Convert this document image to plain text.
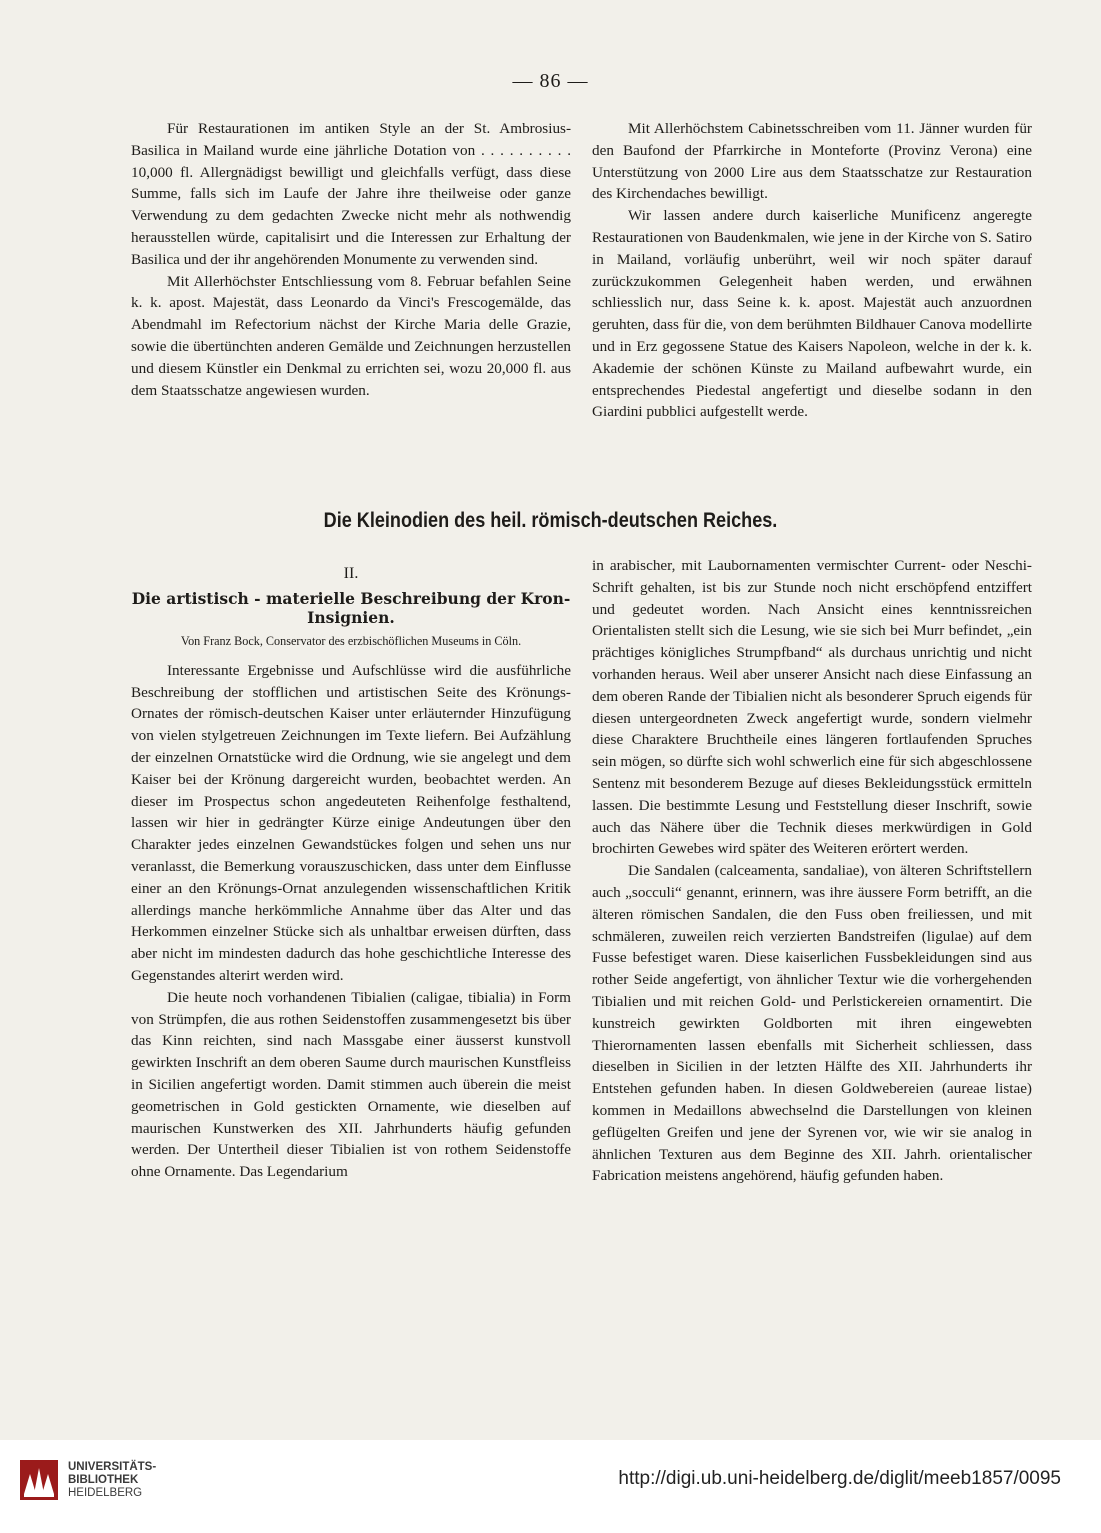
— 86 —

Für Restaurationen im antiken Style an der St. Ambrosius-Basilica in Mailand wurde eine jährliche Dotation von . . . . . . . . . . 10,000 fl. Allergnädigst bewilligt und gleichfalls verfügt, dass diese Summe, falls sich im Laufe der Jahre ihre theilweise oder ganze Verwendung zu dem gedachten Zwecke nicht mehr als nothwendig herausstellen würde, capitalisirt und die Interessen zur Erhaltung der Basilica und der ihr angehörenden Monumente zu verwenden sind.

Mit Allerhöchster Entschliessung vom 8. Februar befahlen Seine k. k. apost. Majestät, dass Leonardo da Vinci's Frescogemälde, das Abendmahl im Refectorium nächst der Kirche Maria delle Grazie, sowie die übertünchten anderen Gemälde und Zeichnungen herzustellen und diesem Künstler ein Denkmal zu errichten sei, wozu 20,000 fl. aus dem Staatsschatze angewiesen wurden.

Mit Allerhöchstem Cabinetsschreiben vom 11. Jänner wurden für den Baufond der Pfarrkirche in Monteforte (Provinz Verona) eine Unterstützung von 2000 Lire aus dem Staatsschatze zur Restauration des Kirchendaches bewilligt.

Wir lassen andere durch kaiserliche Munificenz angeregte Restaurationen von Baudenkmalen, wie jene in der Kirche von S. Satiro in Mailand, vorläufig unberührt, weil wir noch später darauf zurückzukommen Gelegenheit haben werden, und erwähnen schliesslich nur, dass Seine k. k. apost. Majestät auch anzuordnen geruhten, dass für die, von dem berühmten Bildhauer Canova modellirte und in Erz gegossene Statue des Kaisers Napoleon, welche in der k. k. Akademie der schönen Künste zu Mailand aufbewahrt wurde, ein entsprechendes Piedestal angefertigt und dieselbe sodann in den Giardini pubblici aufgestellt werde.

Die Kleinodien des heil. römisch-deutschen Reiches.
II.
Die artistisch - materielle Beschreibung der Kron-Insignien.
Von Franz Bock, Conservator des erzbischöflichen Museums in Cöln.

Interessante Ergebnisse und Aufschlüsse wird die ausführliche Beschreibung der stofflichen und artistischen Seite des Krönungs-Ornates der römisch-deutschen Kaiser unter erläuternder Hinzufügung von vielen stylgetreuen Zeichnungen im Texte liefern. Bei Aufzählung der einzelnen Ornatstücke wird die Ordnung, wie sie angelegt und dem Kaiser bei der Krönung dargereicht wurden, beobachtet werden. An dieser im Prospectus schon angedeuteten Reihenfolge festhaltend, lassen wir hier in gedrängter Kürze einige Andeutungen über den Charakter jedes einzelnen Gewandstückes folgen und sehen uns nur veranlasst, die Bemerkung vorauszuschicken, dass unter dem Einflusse einer an den Krönungs-Ornat anzulegenden wissenschaftlichen Kritik allerdings manche herkömmliche Annahme über das Alter und das Herkommen einzelner Stücke sich als unhaltbar erweisen dürften, dass aber nicht im mindesten dadurch das hohe geschichtliche Interesse des Gegenstandes alterirt werden wird.

Die heute noch vorhandenen Tibialien (caligae, tibialia) in Form von Strümpfen, die aus rothen Seidenstoffen zusammengesetzt bis über das Kinn reichten, sind nach Massgabe einer äusserst kunstvoll gewirkten Inschrift an dem oberen Saume durch maurischen Kunstfleiss in Sicilien angefertigt worden. Damit stimmen auch überein die meist geometrischen in Gold gestickten Ornamente, wie dieselben auf maurischen Kunstwerken des XII. Jahrhunderts häufig gefunden werden. Der Untertheil dieser Tibialien ist von rothem Seidenstoffe ohne Ornamente. Das Legendarium

in arabischer, mit Laubornamenten vermischter Current- oder Neschi-Schrift gehalten, ist bis zur Stunde noch nicht erschöpfend entziffert und gedeutet worden. Nach Ansicht eines kenntnissreichen Orientalisten stellt sich die Lesung, wie sie sich bei Murr befindet, „ein prächtiges königliches Strumpfband“ als durchaus unrichtig und nicht vorhanden heraus. Weil aber unserer Ansicht nach diese Einfassung an dem oberen Rande der Tibialien nicht als besonderer Spruch eigends für diesen untergeordneten Zweck angefertigt wurde, sondern vielmehr diese Charaktere Bruchtheile eines längeren fortlaufenden Spruches sein mögen, so dürfte sich wohl schwerlich eine für sich abgeschlossene Sentenz mit besonderem Bezuge auf dieses Bekleidungsstück ermitteln lassen. Die bestimmte Lesung und Feststellung dieser Inschrift, sowie auch das Nähere über die Technik dieses merkwürdigen in Gold brochirten Gewebes wird später des Weiteren erörtert werden.

Die Sandalen (calceamenta, sandaliae), von älteren Schriftstellern auch „socculi“ genannt, erinnern, was ihre äussere Form betrifft, an die älteren römischen Sandalen, die den Fuss oben freiliessen, und mit schmäleren, zuweilen reich verzierten Bandstreifen (ligulae) auf dem Fusse befestiget waren. Diese kaiserlichen Fussbekleidungen sind aus rother Seide angefertigt, von ähnlicher Textur wie die vorhergehenden Tibialien und mit reichen Gold- und Perlstickereien ornamentirt. Die kunstreich gewirkten Goldborten mit ihren eingewebten Thierornamenten lassen ebenfalls mit Sicherheit schliessen, dass dieselben in Sicilien in der letzten Hälfte des XII. Jahrhunderts ihr Entstehen gefunden haben. In diesen Goldwebereien (aureae listae) kommen in Medaillons abwechselnd die Darstellungen von kleinen geflügelten Greifen und jene der Syrenen vor, wie wir sie analog in ähnlichen Texturen aus dem Beginne des XII. Jahrh. orientalischer Fabrication meistens angehörend, häufig gefunden haben.

UNIVERSITÄTS-
BIBLIOTHEK
HEIDELBERG
http://digi.ub.uni-heidelberg.de/diglit/meeb1857/0095
